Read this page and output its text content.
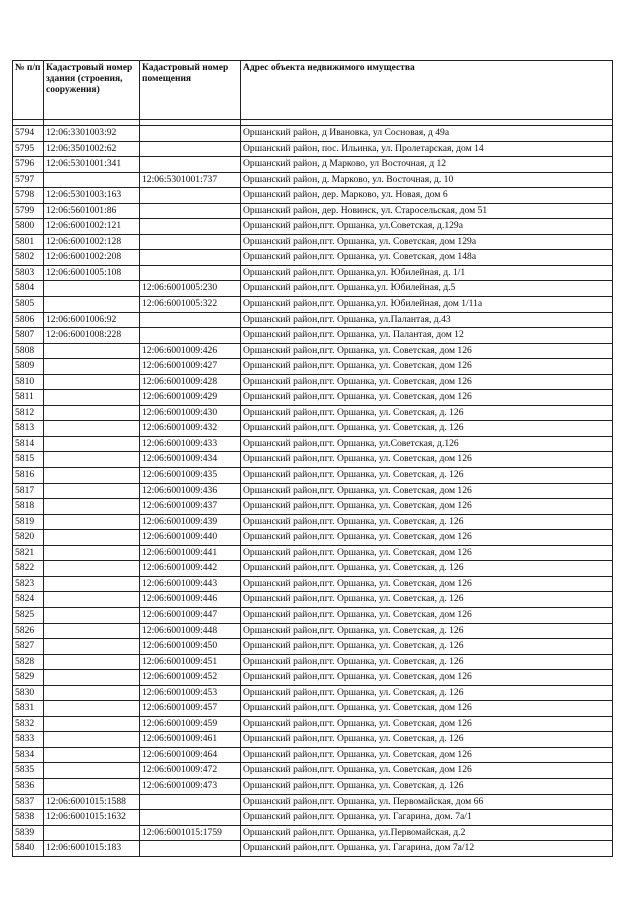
№ п/п	Кадастровый номер здания (строения, сооружения)	Кадастровый номер помещения	Адрес объекта недвижимого имущества

5794	12:06:3301003:92		Оршанский район, д Ивановка, ул Сосновая, д 49а
5795	12:06:3501002:62		Оршанский район, пос. Ильинка, ул. Пролетарская, дом 14
5796	12:06:5301001:341		Оршанский район, д Марково, ул Восточная, д 12
5797		12:06:5301001:737	Оршанский район, д. Марково, ул. Восточная, д. 10
5798	12:06:5301003:163		Оршанский район, дер. Марково, ул. Новая, дом 6
5799	12:06:5601001:86		Оршанский район, дер. Новинск, ул. Старосельская, дом 51
5800	12:06:6001002:121		Оршанский район,пгт. Оршанка, ул.Советская, д.129а
5801	12:06:6001002:128		Оршанский район,пгт. Оршанка, ул. Советская, дом 129а
5802	12:06:6001002:208		Оршанский район,пгт. Оршанка, ул. Советская, дом 148а
5803	12:06:6001005:108		Оршанский район,пгт. Оршанка,ул. Юбилейная, д. 1/1
5804		12:06:6001005:230	Оршанский район,пгт. Оршанка,ул. Юбилейная, д.5
5805		12:06:6001005:322	Оршанский район,пгт. Оршанка,ул. Юбилейная, дом 1/11а
5806	12:06:6001006:92		Оршанский район,пгт. Оршанка, ул.Палантая, д.43
5807	12:06:6001008:228		Оршанский район,пгт. Оршанка, ул. Палантая, дом 12
5808		12:06:6001009:426	Оршанский район,пгт. Оршанка, ул. Советская, дом 126
5809		12:06:6001009:427	Оршанский район,пгт. Оршанка, ул. Советская, дом 126
5810		12:06:6001009:428	Оршанский район,пгт. Оршанка, ул. Советская, дом 126
5811		12:06:6001009:429	Оршанский район,пгт. Оршанка, ул. Советская, дом 126
5812		12:06:6001009:430	Оршанский район,пгт. Оршанка, ул. Советская, д. 126
5813		12:06:6001009:432	Оршанский район,пгт. Оршанка, ул. Советская, д. 126
5814		12:06:6001009:433	Оршанский район,пгт. Оршанка, ул.Советская, д.126
5815		12:06:6001009:434	Оршанский район,пгт. Оршанка, ул. Советская, дом 126
5816		12:06:6001009:435	Оршанский район,пгт. Оршанка, ул. Советская, д. 126
5817		12:06:6001009:436	Оршанский район,пгт. Оршанка, ул. Советская, дом 126
5818		12:06:6001009:437	Оршанский район,пгт. Оршанка, ул. Советская, дом 126
5819		12:06:6001009:439	Оршанский район,пгт. Оршанка, ул. Советская, д. 126
5820		12:06:6001009:440	Оршанский район,пгт. Оршанка, ул. Советская, дом 126
5821		12:06:6001009:441	Оршанский район,пгт. Оршанка, ул. Советская, дом 126
5822		12:06:6001009:442	Оршанский район,пгт. Оршанка, ул. Советская, д. 126
5823		12:06:6001009:443	Оршанский район,пгт. Оршанка, ул. Советская, дом 126
5824		12:06:6001009:446	Оршанский район,пгт. Оршанка, ул. Советская, д. 126
5825		12:06:6001009:447	Оршанский район,пгт. Оршанка, ул. Советская, дом 126
5826		12:06:6001009:448	Оршанский район,пгт. Оршанка, ул. Советская, д. 126
5827		12:06:6001009:450	Оршанский район,пгт. Оршанка, ул. Советская, д. 126
5828		12:06:6001009:451	Оршанский район,пгт. Оршанка, ул. Советская, д. 126
5829		12:06:6001009:452	Оршанский район,пгт. Оршанка, ул. Советская, дом 126
5830		12:06:6001009:453	Оршанский район,пгт. Оршанка, ул. Советская, д. 126
5831		12:06:6001009:457	Оршанский район,пгт. Оршанка, ул. Советская, дом 126
5832		12:06:6001009:459	Оршанский район,пгт. Оршанка, ул. Советская, дом 126
5833		12:06:6001009:461	Оршанский район,пгт. Оршанка, ул. Советская, д. 126
5834		12:06:6001009:464	Оршанский район,пгт. Оршанка, ул. Советская, дом 126
5835		12:06:6001009:472	Оршанский район,пгт. Оршанка, ул. Советская, дом 126
5836		12:06:6001009:473	Оршанский район,пгт. Оршанка, ул. Советская, д. 126
5837	12:06:6001015:1588		Оршанский район,пгт. Оршанка, ул. Первомайская, дом 66
5838	12:06:6001015:1632		Оршанский район,пгт. Оршанка, ул. Гагарина, дом. 7а/1
5839		12:06:6001015:1759	Оршанский район,пгт. Оршанка, ул.Первомайская, д.2
5840	12:06:6001015:183		Оршанский район,пгт. Оршанка, ул. Гагарина, дом 7а/12
